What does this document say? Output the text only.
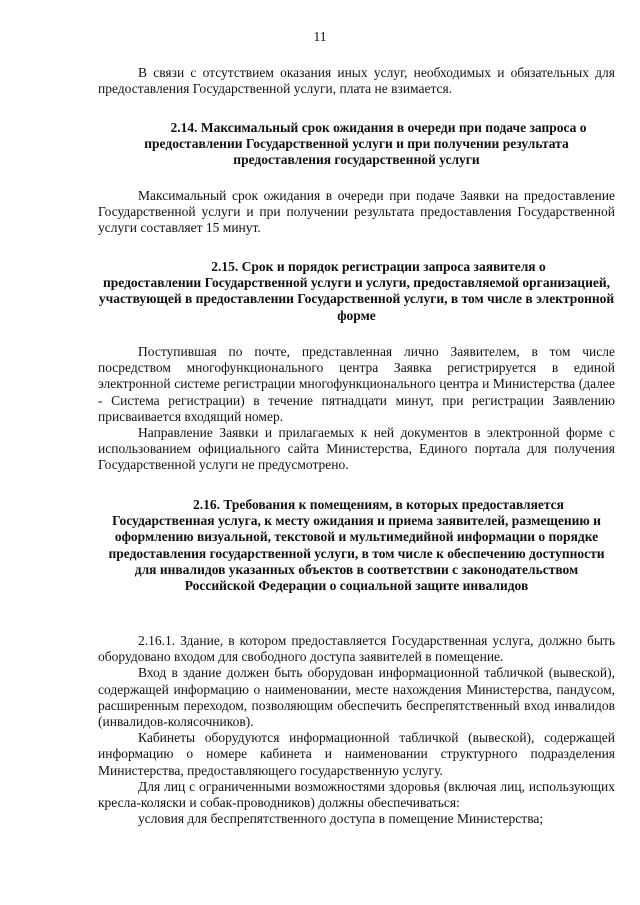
11

В связи с отсутствием оказания иных услуг, необходимых и обязательных для предоставления Государственной услуги, плата не взимается.

2.14. Максимальный срок ожидания в очереди при подаче запроса о
предоставлении Государственной услуги и при получении результата предоставления государственной услуги

Максимальный срок ожидания в очереди при подаче Заявки на предоставление Государственной услуги и при получении результата предоставления Государственной услуги составляет 15 минут.

2.15. Срок и порядок регистрации запроса заявителя о
предоставлении Государственной услуги и услуги, предоставляемой организацией, участвующей в предоставлении Государственной услуги, в том числе в электронной форме

Поступившая по почте, представленная лично Заявителем, в том числе посредством многофункционального центра Заявка регистрируется в единой электронной системе регистрации многофункционального центра и Министерства (далее - Система регистрации) в течение пятнадцати минут, при регистрации Заявлению присваивается входящий номер.

Направление Заявки и прилагаемых к ней документов в электронной форме с использованием официального сайта Министерства, Единого портала для получения Государственной услуги не предусмотрено.

2.16. Требования к помещениям, в которых предоставляется
Государственная услуга, к месту ожидания и приема заявителей, размещению и оформлению визуальной, текстовой и мультимедийной информации о порядке предоставления государственной услуги, в том числе к обеспечению доступности для инвалидов указанных объектов в соответствии с законодательством Российской Федерации о социальной защите инвалидов

2.16.1. Здание, в котором предоставляется Государственная услуга, должно быть оборудовано входом для свободного доступа заявителей в помещение.

Вход в здание должен быть оборудован информационной табличкой (вывеской), содержащей информацию о наименовании, месте нахождения Министерства, пандусом, расширенным переходом, позволяющим обеспечить беспрепятственный вход инвалидов (инвалидов-колясочников).

Кабинеты оборудуются информационной табличкой (вывеской), содержащей информацию о номере кабинета и наименовании структурного подразделения Министерства, предоставляющего государственную услугу.

Для лиц с ограниченными возможностями здоровья (включая лиц, использующих кресла-коляски и собак-проводников) должны обеспечиваться:

условия для беспрепятственного доступа в помещение Министерства;
